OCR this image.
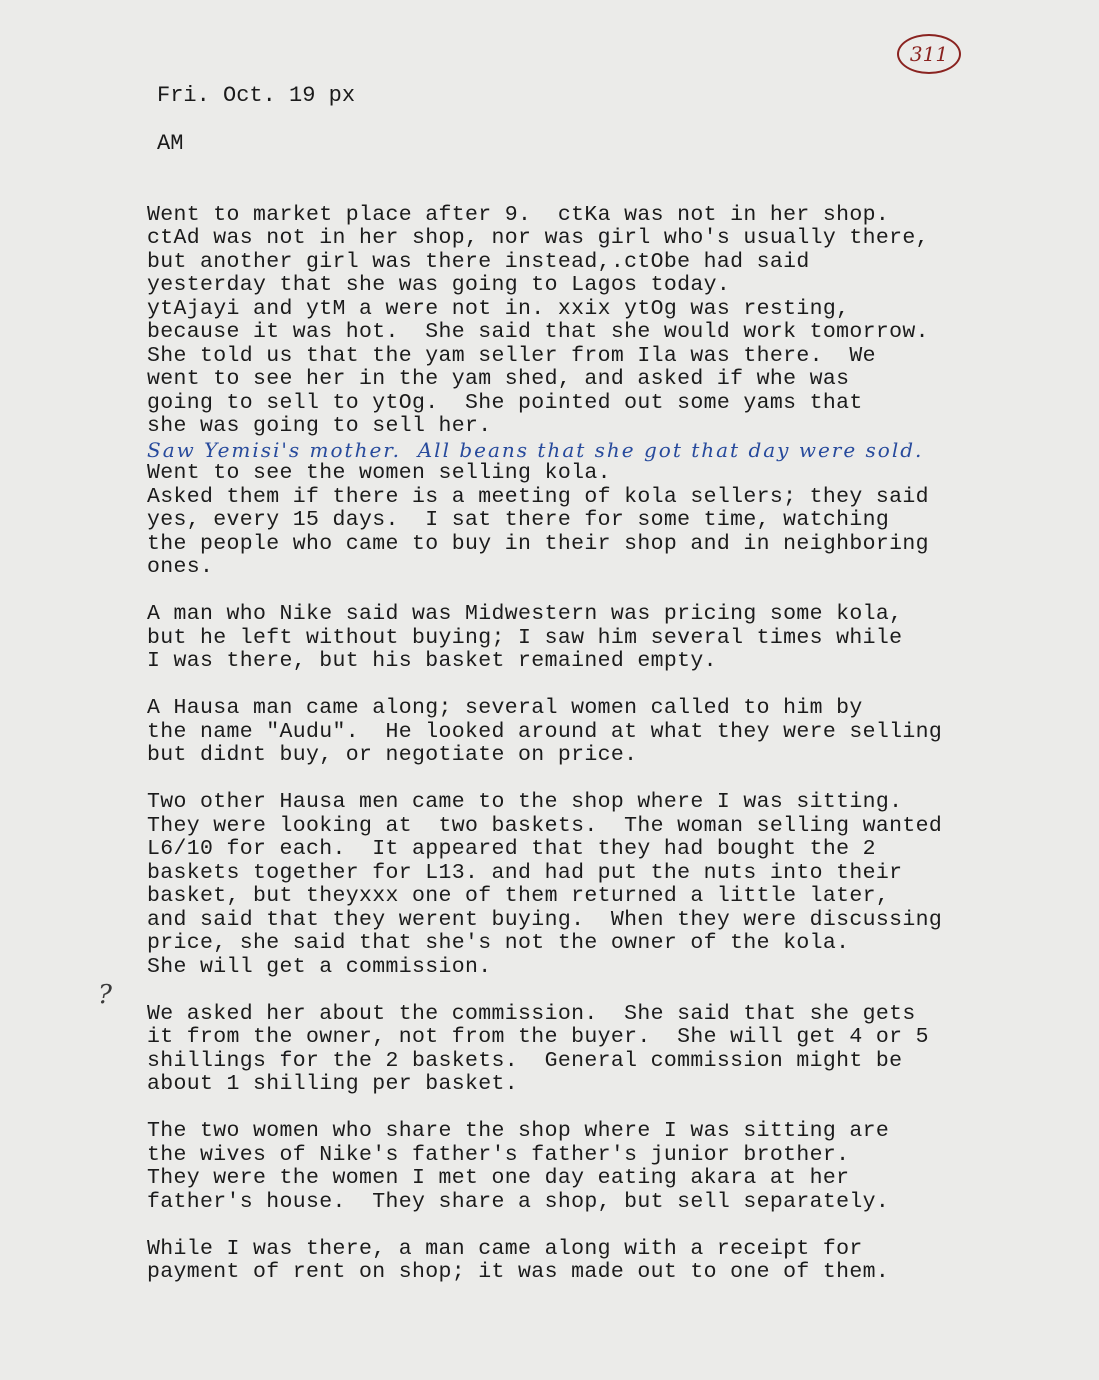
311
Fri. Oct. 19 px
AM
?
Went to market place after 9.  ctKa was not in her shop.
ctAd was not in her shop, nor was girl who's usually there,
but another girl was there instead,.ctObe had said
yesterday that she was going to Lagos today.
ytAjayi and ytM a were not in. xxix ytOg was resting,
because it was hot.  She said that she would work tomorrow.
She told us that the yam seller from Ila was there.  We
went to see her in the yam shed, and asked if whe was
going to sell to ytOg.  She pointed out some yams that
she was going to sell her.
Saw Yemisi's mother.  All beans that she got that day were sold.
Went to see the women selling kola.
Asked them if there is a meeting of kola sellers; they said
yes, every 15 days.  I sat there for some time, watching
the people who came to buy in their shop and in neighboring
ones.
A man who Nike said was Midwestern was pricing some kola,
but he left without buying; I saw him several times while
I was there, but his basket remained empty.
A Hausa man came along; several women called to him by
the name "Audu".  He looked around at what they were selling
but didnt buy, or negotiate on price.
Two other Hausa men came to the shop where I was sitting.
They were looking at  two baskets.  The woman selling wanted
L6/10 for each.  It appeared that they had bought the 2
baskets together for L13. and had put the nuts into their
basket, but theyxxx one of them returned a little later,
and said that they werent buying.  When they were discussing
price, she said that she's not the owner of the kola.
She will get a commission.
We asked her about the commission.  She said that she gets
it from the owner, not from the buyer.  She will get 4 or 5
shillings for the 2 baskets.  General commission might be
about 1 shilling per basket.
The two women who share the shop where I was sitting are
the wives of Nike's father's father's junior brother.
They were the women I met one day eating akara at her
father's house.  They share a shop, but sell separately.
While I was there, a man came along with a receipt for
payment of rent on shop; it was made out to one of them.
